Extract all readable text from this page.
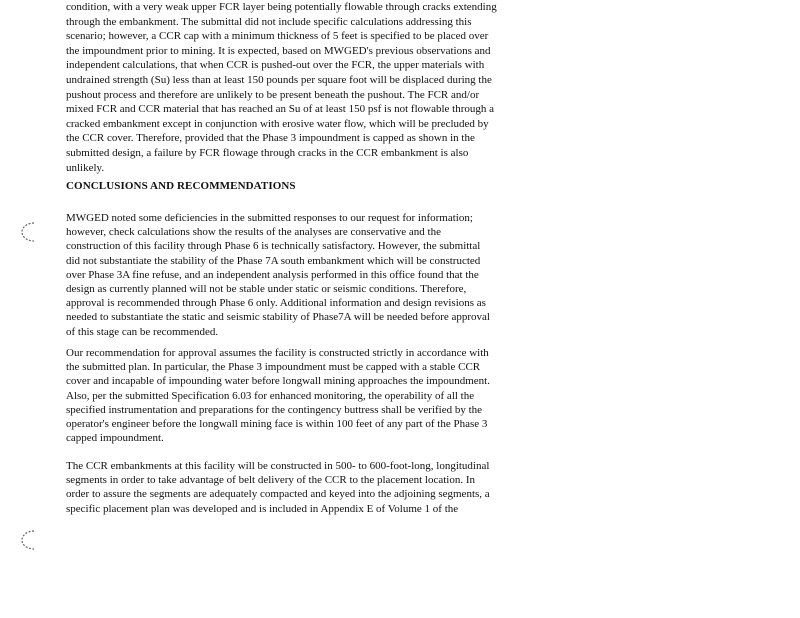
condition, with a very weak upper FCR layer being potentially flowable through cracks extending
through the embankment. The submittal did not include specific calculations addressing this
scenario; however, a CCR cap with a minimum thickness of 5 feet is specified to be placed over
the impoundment prior to mining. It is expected, based on MWGED's previous observations and
independent calculations, that when CCR is pushed-out over the FCR, the upper materials with
undrained strength (Su) less than at least 150 pounds per square foot will be displaced during the
pushout process and therefore are unlikely to be present beneath the pushout. The FCR and/or
mixed FCR and CCR material that has reached an Su of at least 150 psf is not flowable through a
cracked embankment except in conjunction with erosive water flow, which will be precluded by
the CCR cover. Therefore, provided that the Phase 3 impoundment is capped as shown in the
submitted design, a failure by FCR flowage through cracks in the CCR embankment is also
unlikely.
CONCLUSIONS AND RECOMMENDATIONS
MWGED noted some deficiencies in the submitted responses to our request for information;
however, check calculations show the results of the analyses are conservative and the
construction of this facility through Phase 6 is technically satisfactory. However, the submittal
did not substantiate the stability of the Phase 7A south embankment which will be constructed
over Phase 3A fine refuse, and an independent analysis performed in this office found that the
design as currently planned will not be stable under static or seismic conditions. Therefore,
approval is recommended through Phase 6 only. Additional information and design revisions as
needed to substantiate the static and seismic stability of Phase7A will be needed before approval
of this stage can be recommended.
Our recommendation for approval assumes the facility is constructed strictly in accordance with
the submitted plan. In particular, the Phase 3 impoundment must be capped with a stable CCR
cover and incapable of impounding water before longwall mining approaches the impoundment.
Also, per the submitted Specification 6.03 for enhanced monitoring, the operability of all the
specified instrumentation and preparations for the contingency buttress shall be verified by the
operator's engineer before the longwall mining face is within 100 feet of any part of the Phase 3
capped impoundment.
The CCR embankments at this facility will be constructed in 500- to 600-foot-long, longitudinal
segments in order to take advantage of belt delivery of the CCR to the placement location. In
order to assure the segments are adequately compacted and keyed into the adjoining segments, a
specific placement plan was developed and is included in Appendix E of Volume 1 of the
